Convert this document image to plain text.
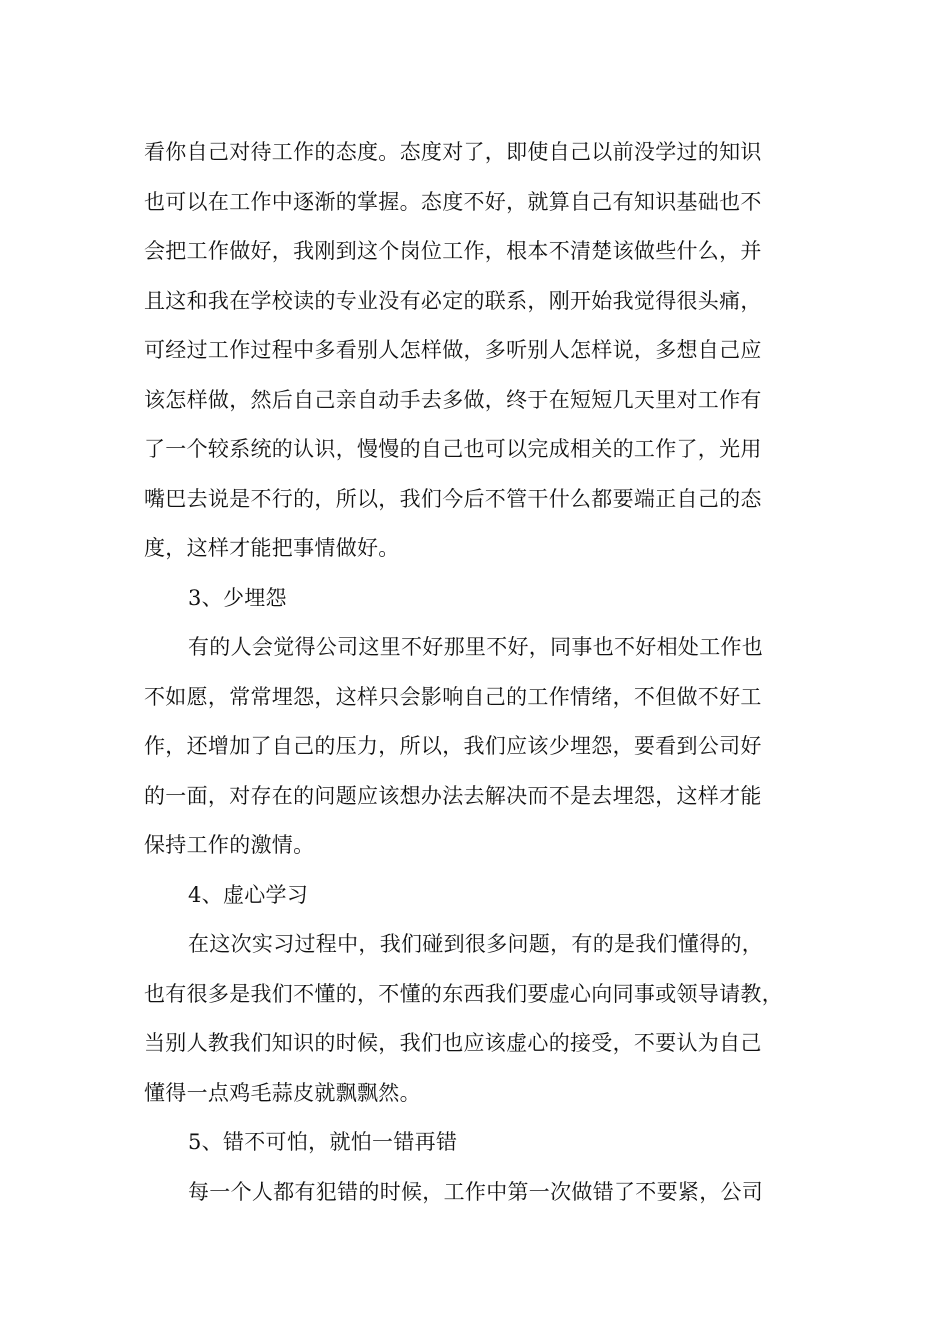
看你自己对待工作的态度。态度对了，即使自己以前没学过的知识
也可以在工作中逐渐的掌握。态度不好，就算自己有知识基础也不
会把工作做好，我刚到这个岗位工作，根本不清楚该做些什么，并
且这和我在学校读的专业没有必定的联系，刚开始我觉得很头痛，
可经过工作过程中多看别人怎样做，多听别人怎样说，多想自己应
该怎样做，然后自己亲自动手去多做，终于在短短几天里对工作有
了一个较系统的认识，慢慢的自己也可以完成相关的工作了，光用
嘴巴去说是不行的，所以，我们今后不管干什么都要端正自己的态
度，这样才能把事情做好。
3、少埋怨
有的人会觉得公司这里不好那里不好，同事也不好相处工作也
不如愿，常常埋怨，这样只会影响自己的工作情绪，不但做不好工
作，还增加了自己的压力，所以，我们应该少埋怨，要看到公司好
的一面，对存在的问题应该想办法去解决而不是去埋怨，这样才能
保持工作的激情。
4、虚心学习
在这次实习过程中，我们碰到很多问题，有的是我们懂得的，
也有很多是我们不懂的，不懂的东西我们要虚心向同事或领导请教，
当别人教我们知识的时候，我们也应该虚心的接受，不要认为自己
懂得一点鸡毛蒜皮就飘飘然。
5、错不可怕，就怕一错再错
每一个人都有犯错的时候，工作中第一次做错了不要紧，公司
